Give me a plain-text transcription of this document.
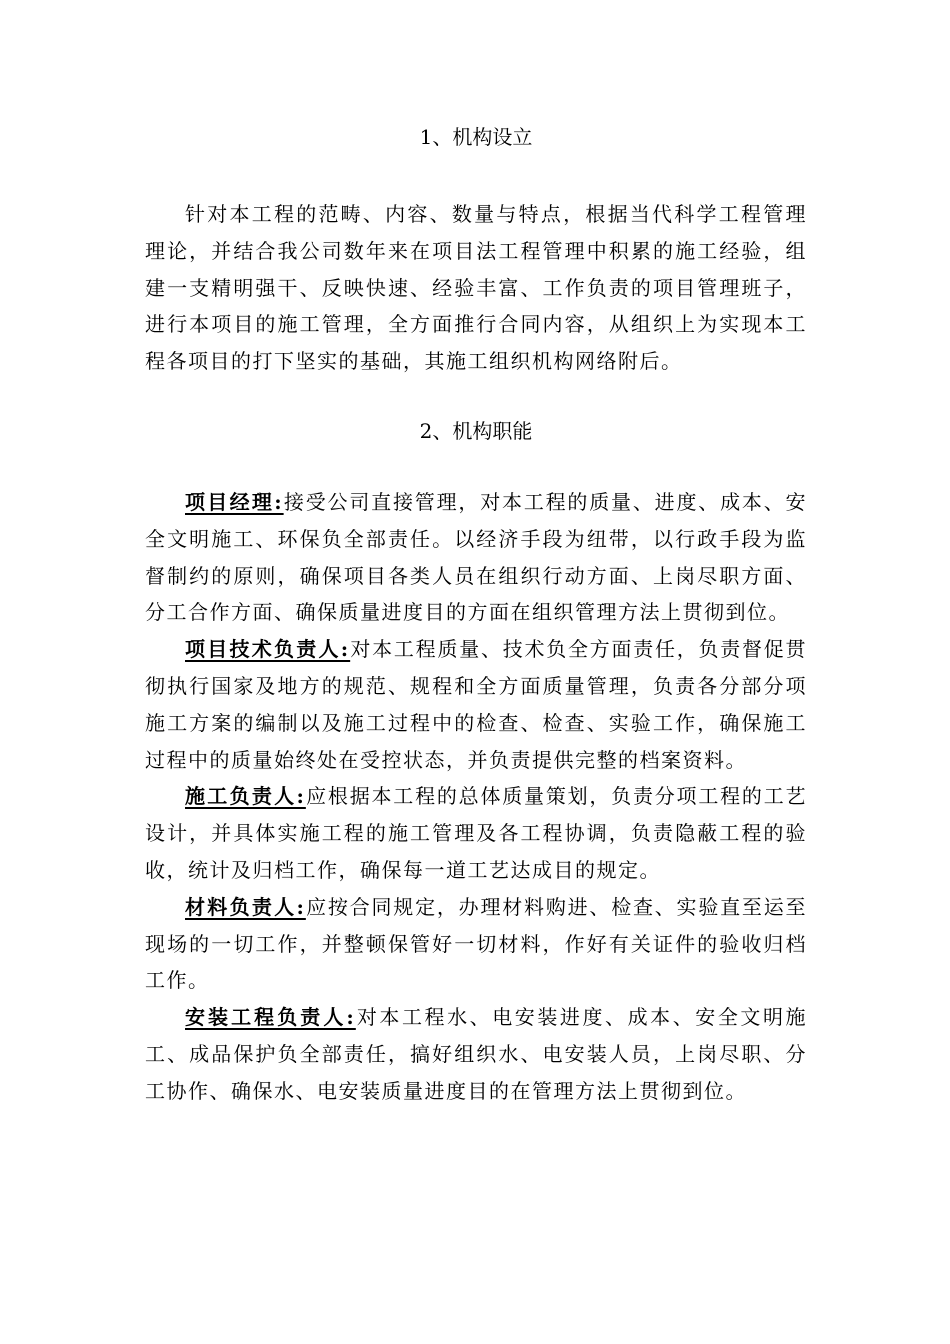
1、机构设立

针对本工程的范畴、内容、数量与特点，根据当代科学工程管理理论，并结合我公司数年来在项目法工程管理中积累的施工经验，组建一支精明强干、反映快速、经验丰富、工作负责的项目管理班子，进行本项目的施工管理，全方面推行合同内容，从组织上为实现本工程各项目的打下坚实的基础，其施工组织机构网络附后。

2、机构职能

项目经理:接受公司直接管理，对本工程的质量、进度、成本、安全文明施工、环保负全部责任。以经济手段为纽带，以行政手段为监督制约的原则，确保项目各类人员在组织行动方面、上岗尽职方面、分工合作方面、确保质量进度目的方面在组织管理方法上贯彻到位。

项目技术负责人:对本工程质量、技术负全方面责任，负责督促贯彻执行国家及地方的规范、规程和全方面质量管理，负责各分部分项施工方案的编制以及施工过程中的检查、检查、实验工作，确保施工过程中的质量始终处在受控状态，并负责提供完整的档案资料。

施工负责人:应根据本工程的总体质量策划，负责分项工程的工艺设计，并具体实施工程的施工管理及各工程协调，负责隐蔽工程的验收，统计及归档工作，确保每一道工艺达成目的规定。

材料负责人:应按合同规定，办理材料购进、检查、实验直至运至现场的一切工作，并整顿保管好一切材料，作好有关证件的验收归档工作。

安装工程负责人:对本工程水、电安装进度、成本、安全文明施工、成品保护负全部责任，搞好组织水、电安装人员，上岗尽职、分工协作、确保水、电安装质量进度目的在管理方法上贯彻到位。
